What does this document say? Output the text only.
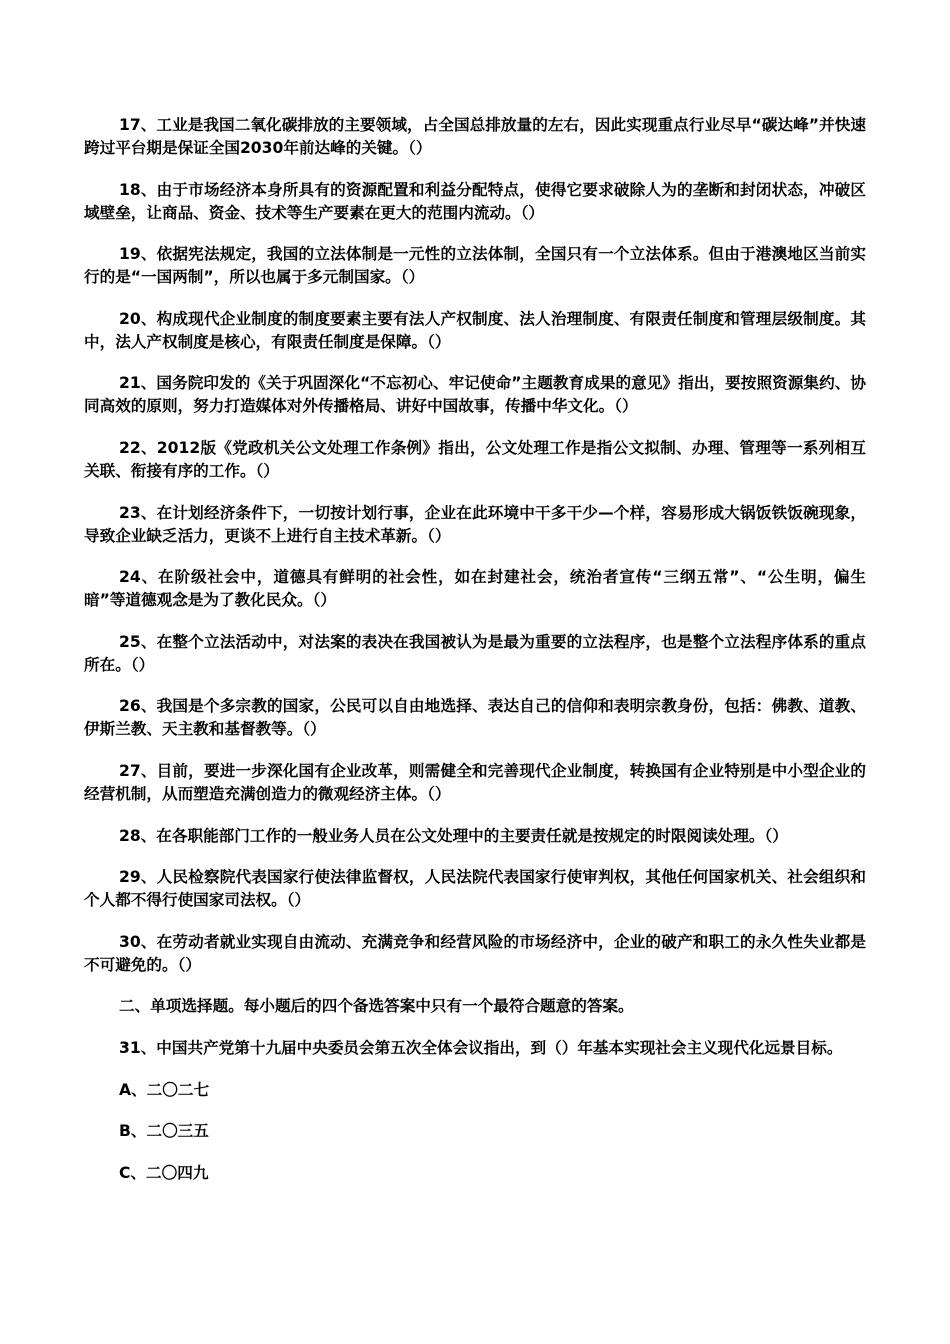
17、工业是我国二氧化碳排放的主要领域，占全国总排放量的左右，因此实现重点行业尽早“碳达峰”并快速跨过平台期是保证全国2030年前达峰的关键。（）

18、由于市场经济本身所具有的资源配置和利益分配特点，使得它要求破除人为的垄断和封闭状态，冲破区域壁垒，让商品、资金、技术等生产要素在更大的范围内流动。（）

19、依据宪法规定，我国的立法体制是一元性的立法体制，全国只有一个立法体系。但由于港澳地区当前实行的是“一国两制”，所以也属于多元制国家。（）

20、构成现代企业制度的制度要素主要有法人产权制度、法人治理制度、有限责任制度和管理层级制度。其中，法人产权制度是核心，有限责任制度是保障。（）

21、国务院印发的《关于巩固深化“不忘初心、牢记使命”主题教育成果的意见》指出，要按照资源集约、协同高效的原则，努力打造媒体对外传播格局、讲好中国故事，传播中华文化。（）

22、2012版《党政机关公文处理工作条例》指出，公文处理工作是指公文拟制、办理、管理等一系列相互关联、衔接有序的工作。（）

23、在计划经济条件下，一切按计划行事，企业在此环境中干多干少—个样，容易形成大锅饭铁饭碗现象，导致企业缺乏活力，更谈不上进行自主技术革新。（）

24、在阶级社会中，道德具有鲜明的社会性，如在封建社会，统治者宣传“三纲五常”、“公生明，偏生暗”等道德观念是为了教化民众。（）

25、在整个立法活动中，对法案的表决在我国被认为是最为重要的立法程序，也是整个立法程序体系的重点所在。（）

26、我国是个多宗教的国家，公民可以自由地选择、表达自己的信仰和表明宗教身份，包括：佛教、道教、伊斯兰教、天主教和基督教等。（）

27、目前，要进一步深化国有企业改革，则需健全和完善现代企业制度，转换国有企业特别是中小型企业的经营机制，从而塑造充满创造力的微观经济主体。（）

28、在各职能部门工作的一般业务人员在公文处理中的主要责任就是按规定的时限阅读处理。（）

29、人民检察院代表国家行使法律监督权，人民法院代表国家行使审判权，其他任何国家机关、社会组织和个人都不得行使国家司法权。（）

30、在劳动者就业实现自由流动、充满竞争和经营风险的市场经济中，企业的破产和职工的永久性失业都是不可避免的。（）

二、单项选择题。每小题后的四个备选答案中只有一个最符合题意的答案。

31、中国共产党第十九届中央委员会第五次全体会议指出，到（）年基本实现社会主义现代化远景目标。

A、二〇二七

B、二〇三五

C、二〇四九
